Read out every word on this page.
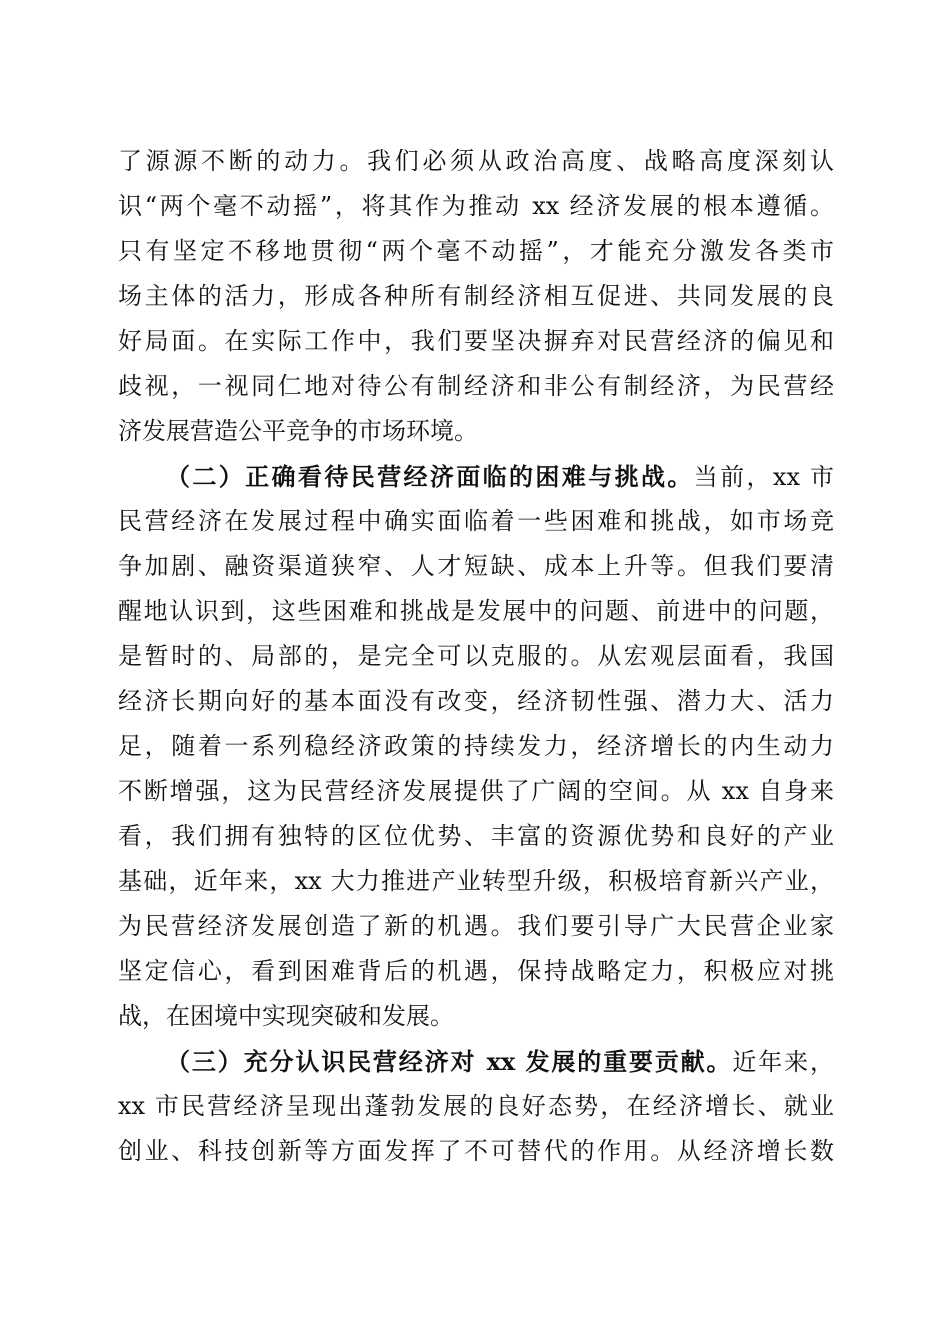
了源源不断的动力。我们必须从政治高度、战略高度深刻认
识“两个毫不动摇”，将其作为推动 xx 经济发展的根本遵循。
只有坚定不移地贯彻“两个毫不动摇”，才能充分激发各类市
场主体的活力，形成各种所有制经济相互促进、共同发展的良
好局面。在实际工作中，我们要坚决摒弃对民营经济的偏见和
歧视，一视同仁地对待公有制经济和非公有制经济，为民营经
济发展营造公平竞争的市场环境。
（二）正确看待民营经济面临的困难与挑战。当前，xx 市
民营经济在发展过程中确实面临着一些困难和挑战，如市场竞
争加剧、融资渠道狭窄、人才短缺、成本上升等。但我们要清
醒地认识到，这些困难和挑战是发展中的问题、前进中的问题，
是暂时的、局部的，是完全可以克服的。从宏观层面看，我国
经济长期向好的基本面没有改变，经济韧性强、潜力大、活力
足，随着一系列稳经济政策的持续发力，经济增长的内生动力
不断增强，这为民营经济发展提供了广阔的空间。从 xx 自身来
看，我们拥有独特的区位优势、丰富的资源优势和良好的产业
基础，近年来，xx 大力推进产业转型升级，积极培育新兴产业，
为民营经济发展创造了新的机遇。我们要引导广大民营企业家
坚定信心，看到困难背后的机遇，保持战略定力，积极应对挑
战，在困境中实现突破和发展。
（三）充分认识民营经济对 xx 发展的重要贡献。近年来，
xx 市民营经济呈现出蓬勃发展的良好态势，在经济增长、就业
创业、科技创新等方面发挥了不可替代的作用。从经济增长数
